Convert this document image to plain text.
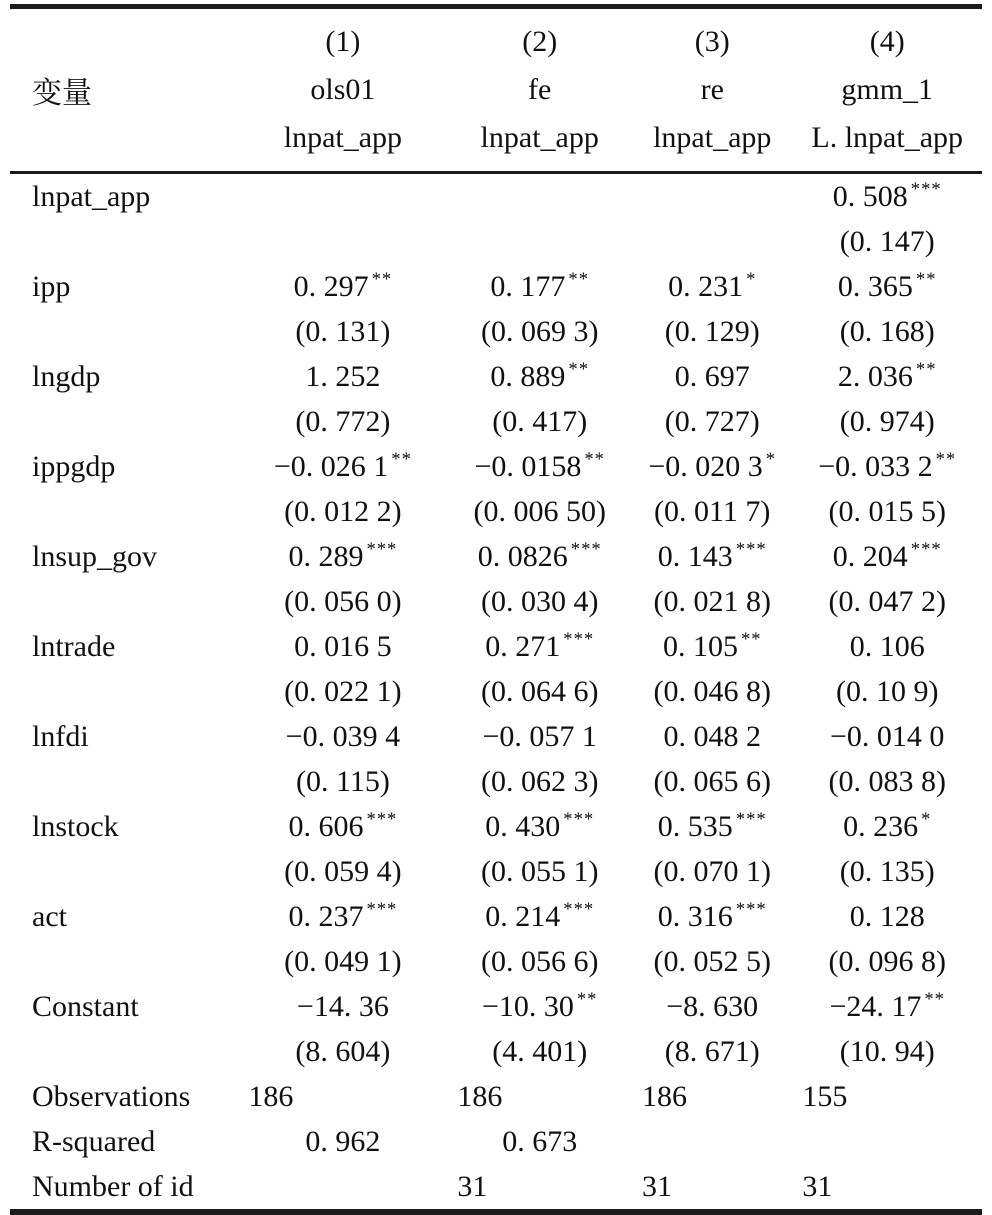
	(1)	(2)	(3)	(4)
变量	ols01	fe	re	gmm_1
	lnpat_app	lnpat_app	lnpat_app	L. lnpat_app
lnpat_app				0. 508 ***
				(0. 147)
ipp	0. 297 **	0. 177 **	0. 231 *	0. 365 **
	(0. 131)	(0. 069 3)	(0. 129)	(0. 168)
lngdp	1. 252	0. 889 **	0. 697	2. 036 **
	(0. 772)	(0. 417)	(0. 727)	(0. 974)
ippgdp	−0. 026 1 **	−0. 0158 **	−0. 020 3 *	−0. 033 2 **
	(0. 012 2)	(0. 006 50)	(0. 011 7)	(0. 015 5)
lnsup_gov	0. 289 ***	0. 0826 ***	0. 143 ***	0. 204 ***
	(0. 056 0)	(0. 030 4)	(0. 021 8)	(0. 047 2)
lntrade	0. 016 5	0. 271 ***	0. 105 **	0. 106
	(0. 022 1)	(0. 064 6)	(0. 046 8)	(0. 10 9)
lnfdi	−0. 039 4	−0. 057 1	0. 048 2	−0. 014 0
	(0. 115)	(0. 062 3)	(0. 065 6)	(0. 083 8)
lnstock	0. 606 ***	0. 430 ***	0. 535 ***	0. 236 *
	(0. 059 4)	(0. 055 1)	(0. 070 1)	(0. 135)
act	0. 237 ***	0. 214 ***	0. 316 ***	0. 128
	(0. 049 1)	(0. 056 6)	(0. 052 5)	(0. 096 8)
Constant	−14. 36	−10. 30 **	−8. 630	−24. 17 **
	(8. 604)	(4. 401)	(8. 671)	(10. 94)
Observations	186	186	186	155
R-squared	0. 962	0. 673		
Number of id		31	31	31
